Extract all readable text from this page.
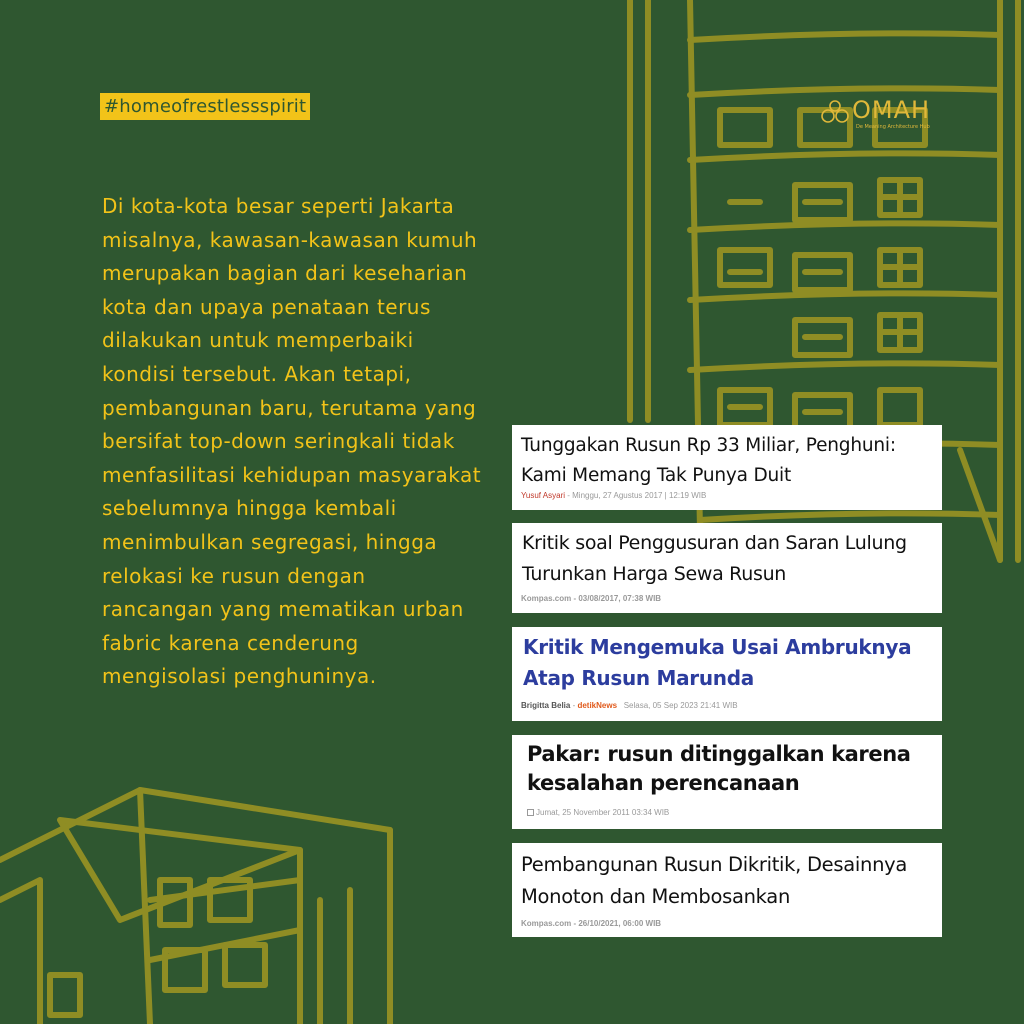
#homeofrestlessspirit	OMAH
De Meaning Architecture Hub
Di kota-kota besar seperti Jakarta misalnya, kawasan-kawasan kumuh merupakan bagian dari keseharian kota dan upaya penataan terus dilakukan untuk memperbaiki kondisi tersebut. Akan tetapi, pembangunan baru, terutama yang bersifat top-down seringkali tidak menfasilitasi kehidupan masyarakat sebelumnya hingga kembali menimbulkan segregasi, hingga relokasi ke rusun dengan rancangan yang mematikan urban fabric karena cenderung mengisolasi penghuninya.
Tunggakan Rusun Rp 33 Miliar, Penghuni: Kami Memang Tak Punya Duit
Yusuf Asyari - Minggu, 27 Agustus 2017 | 12:19 WIB
Kritik soal Penggusuran dan Saran Lulung Turunkan Harga Sewa Rusun
Kompas.com - 03/08/2017, 07:38 WIB
Kritik Mengemuka Usai Ambruknya Atap Rusun Marunda
Brigitta Belia - detikNews Selasa, 05 Sep 2023 21:41 WIB
Pakar: rusun ditinggalkan karena kesalahan perencanaan
Jumat, 25 November 2011 03:34 WIB
Pembangunan Rusun Dikritik, Desainnya Monoton dan Membosankan
Kompas.com - 26/10/2021, 06:00 WIB
